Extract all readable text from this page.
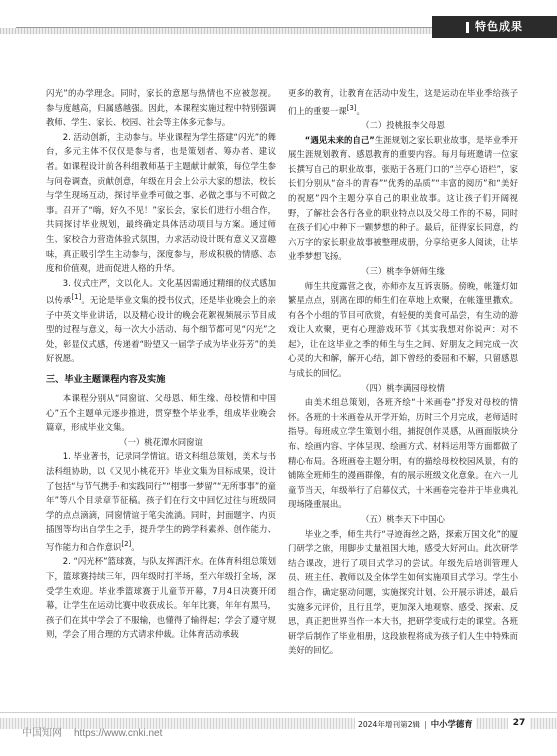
特色成果

闪光”的办学理念。同时，家长的意愿与热情也不应被忽视。参与度越高，归属感越强。因此，本课程实施过程中特别强调教师、学生、家长、校园、社会等主体多元参与。

2. 活动创新，主动参与。毕业课程为学生搭建“闪光”的舞台，多元主体不仅仅是参与者，也是策划者、筹办者、建议者。如课程设计前各科组教师基于主题献计献策，每位学生参与问卷调查，贡献创意，年级在月会上公示大家的想法，校长与学生现场互动，探讨毕业季可做之事、必做之事与不可做之事。召开了“嗨，好久不见！”家长会，家长们进行小组合作，共同探讨毕业规划，最终确定具体活动项目与方案。通过师生、家校合力营造体验式氛围，力求活动设计既有意义又富趣味，真正吸引学生主动参与，深度参与，形成积极的情感、态度和价值观，进而促进人格的升华。

3. 仪式庄严，文以化人。文化基因需通过精细的仪式感加以传承[1]。无论是毕业文集的授书仪式，还是毕业晚会上的亲子中英文毕业讲话，以及精心设计的晚会花絮视频展示节目成型的过程与意义，每一次大小活动、每个细节都可见“闪光”之处，彰显仪式感，传递着“盼望又一届学子成为毕业芬芳”的美好祝愿。

三、毕业主题课程内容及实施

本课程分别从“同窗谊、父母恩、师生缘、母校情和中国心”五个主题单元逐步推进，贯穿整个毕业季，组成毕业晚会篇章，形成毕业文集。

（一）桃花潭水同窗谊

1. 毕业著书，记录同学情谊。语文科组总策划，美术与书法科组协助，以《又见小桃花开》毕业文集为目标成果，设计了包括“与节气携手·和实践同行”“栩事一梦留”“无所事事”的童年”等八个目录章节征稿。孩子们在行文中回忆过往与班级同学的点点滴滴，同窗情谊于笔尖流淌。同时，封面题字、内页插图等均出自学生之手，提升学生的跨学科素养、创作能力、写作能力和合作意识[2]。

2. “闪光杯”篮球赛，与队友挥洒汗水。在体育科组总策划下，篮球赛持续三年，四年级时打半场，至六年级打全场，深受学生欢迎。毕业季篮球赛于儿童节开幕，7月4日决赛开闭幕，让学生在运动比赛中收获成长。年年比赛，年年有黑马，孩子们在其中学会了不服输，也懂得了输得起；学会了遵守规则，学会了用合理的方式请求仲裁。让体育活动承载

更多的教育，让教育在活动中发生，这是运动在毕业季给孩子们上的重要一课[3]。

（二）投桃报李父母恩

“遇见未来的自己”生涯规划之家长职业故事，是毕业季开展生涯规划教育、感恩教育的重要内容。每月每班邀请一位家长撰写自己的职业故事，张贴于各班门口的“兰亭心语栏”，家长们分别从“奋斗的青春”“优秀的品质”“丰富的阅历”和“美好的祝愿”四个主题分享自己的职业故事。这让孩子们开阔视野，了解社会各行各业的职业特点以及父母工作的不易，同时在孩子们心中种下一颗梦想的种子。最后，征得家长同意，约六万字的家长职业故事被整理成册，分享给更多人阅读，让毕业季梦想飞扬。

（三）桃李争妍师生缘

师生共度露营之夜，亦师亦友互诉衷肠。傍晚，帐篷灯如繁星点点，别离在即的师生们在草地上欢聚，在帐篷里撒欢。有各个小组的节目可欣赏，有轻便的美食可品尝，有生动的游戏让人欢聚，更有心理游戏环节《其实我想对你说声：对不起》，让在这毕业之季的师生与生之间、好朋友之间完成一次心灵的大和解，解开心结，卸下曾经的委屈和不解，只留感恩与成长的回忆。

（四）桃李满园母校情

由美术组总策划，各班齐绘“十米画卷”抒发对母校的情怀。各班的十米画卷从开学开始，历时三个月完成，老师适时指导。每班成立学生策划小组，捕捉创作灵感，从画面版块分布、绘画内容、字体呈现、绘画方式、材料运用等方面都做了精心布局。各班画卷主题分明，有的描绘母校校园风景，有的铺陈全班师生的漫画群像，有的展示班级文化意象。在六一儿童节当天，年级举行了启幕仪式，十米画卷完卷并于毕业典礼现场隆重展出。

（五）桃李天下中国心

毕业之季，师生共行“寻迹海丝之路，探索万国文化”的厦门研学之旅，用脚步丈量祖国大地，感受大好河山。此次研学结合课改，进行了项目式学习的尝试。年级先后培训管理人员、班主任、教师以及全体学生如何实施项目式学习。学生小组合作，确定驱动问题，实施探究计划、公开展示讲述，最后实施多元评价，且行且学，更加深入地观察、感受、探索、反思，真正把世界当作一本大书，把研学变成行走的课堂。各班研学后制作了毕业相册，这段旅程将成为孩子们人生中特殊而美好的回忆。

2024年增刊第2辑 | 中小学德育	27
中国知网 https://www.cnki.net
